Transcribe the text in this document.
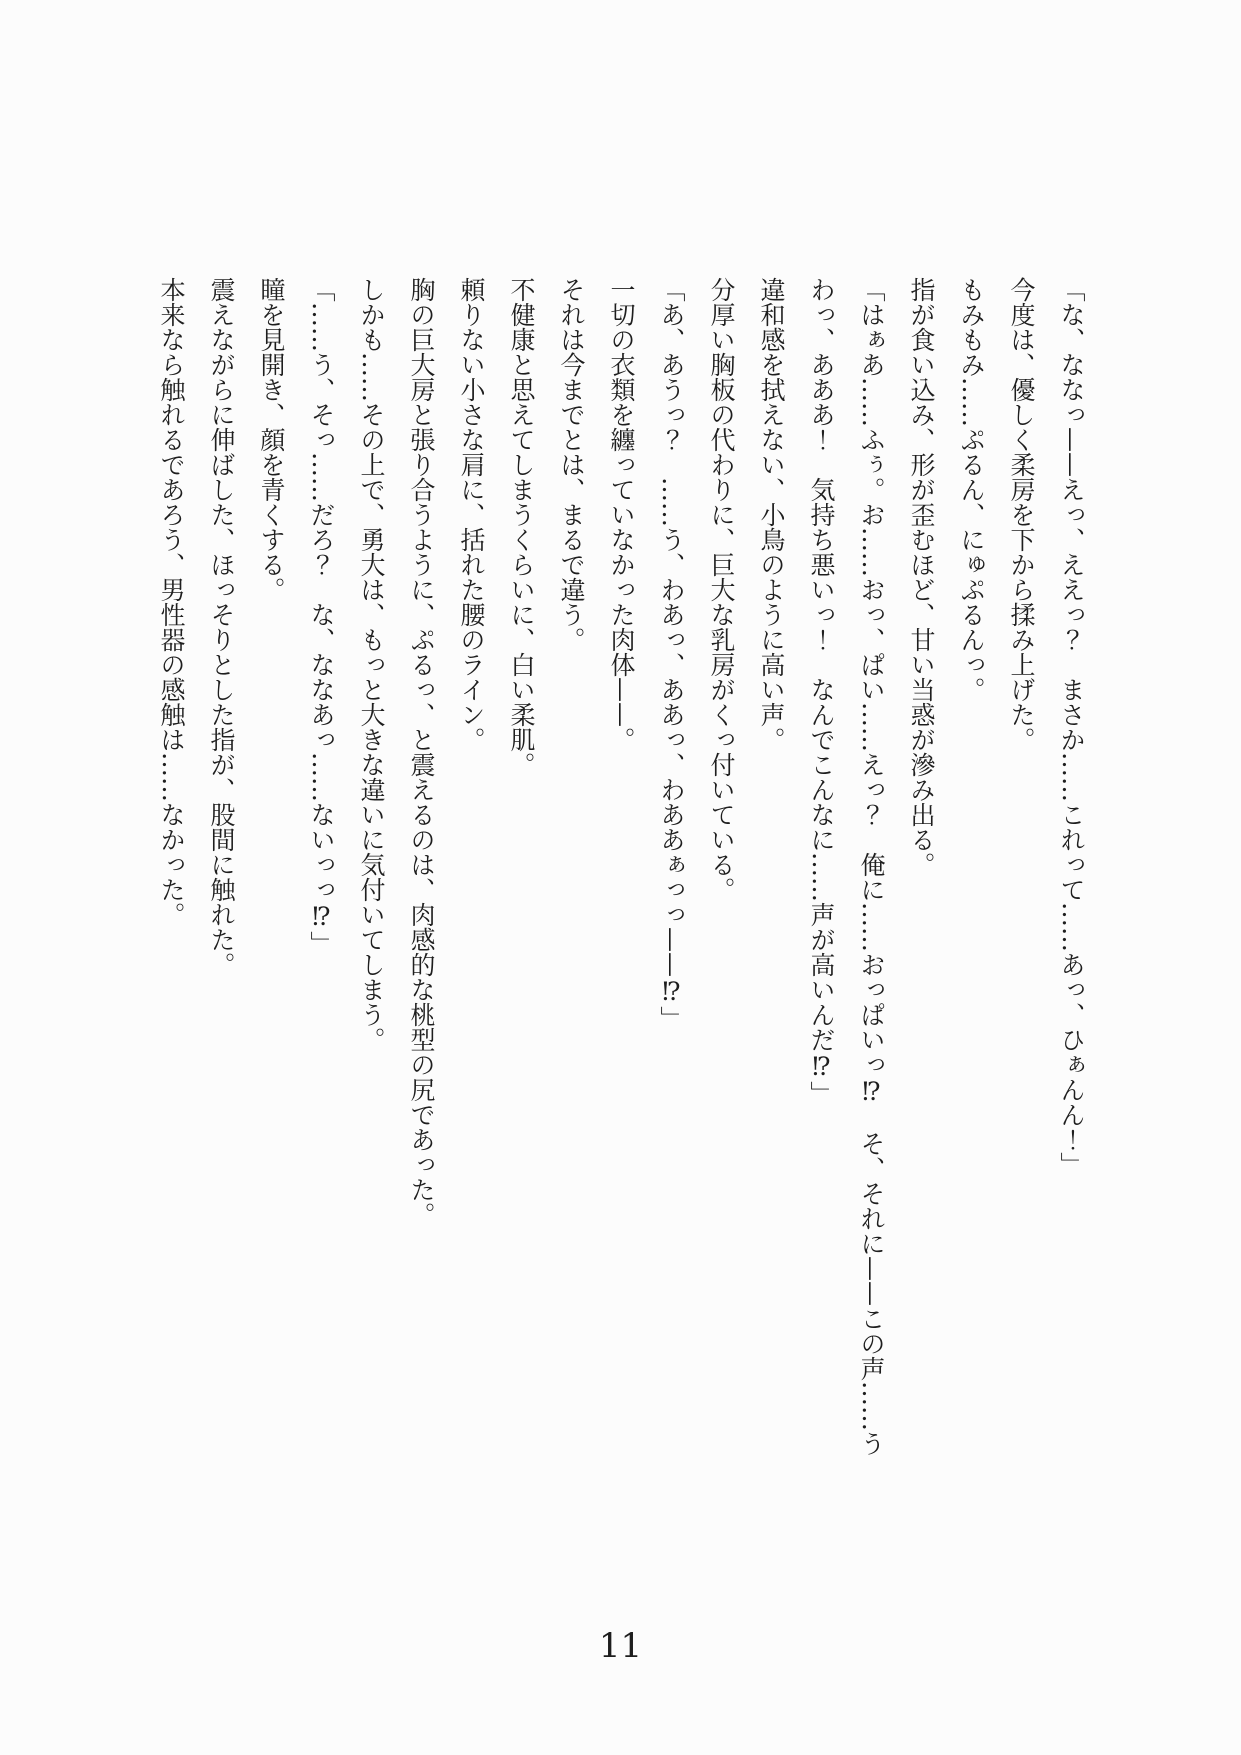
「な、ななっ——えっ、ええっ？　まさか……これって……あっ、ひぁんん！」

今度は、優しく柔房を下から揉み上げた。

もみもみ……ぷるん、にゅぷるんっ。

指が食い込み、形が歪むほど、甘い当惑が滲み出る。

「はぁあ……ふぅ。お……おっ、ぱい……えっ？　俺に……おっぱいっ⁉　そ、それに——この声……うわっ、あああ！　気持ち悪いっ！　なんでこんなに……声が高いんだ⁉」

違和感を拭えない、小鳥のように高い声。

分厚い胸板の代わりに、巨大な乳房がくっ付いている。

「あ、あうっ？　……う、わあっ、ああっ、わああぁっっ——⁉」

一切の衣類を纏っていなかった肉体——。

それは今までとは、まるで違う。

不健康と思えてしまうくらいに、白い柔肌。

頼りない小さな肩に、括れた腰のライン。

胸の巨大房と張り合うように、ぷるっ、と震えるのは、肉感的な桃型の尻であった。

しかも……その上で、勇大は、もっと大きな違いに気付いてしまう。

「……う、そっ……だろ？　な、ななあっ……ないっっ⁉」

瞳を見開き、顔を青くする。

震えながらに伸ばした、ほっそりとした指が、股間に触れた。

本来なら触れるであろう、男性器の感触は……なかった。

11
